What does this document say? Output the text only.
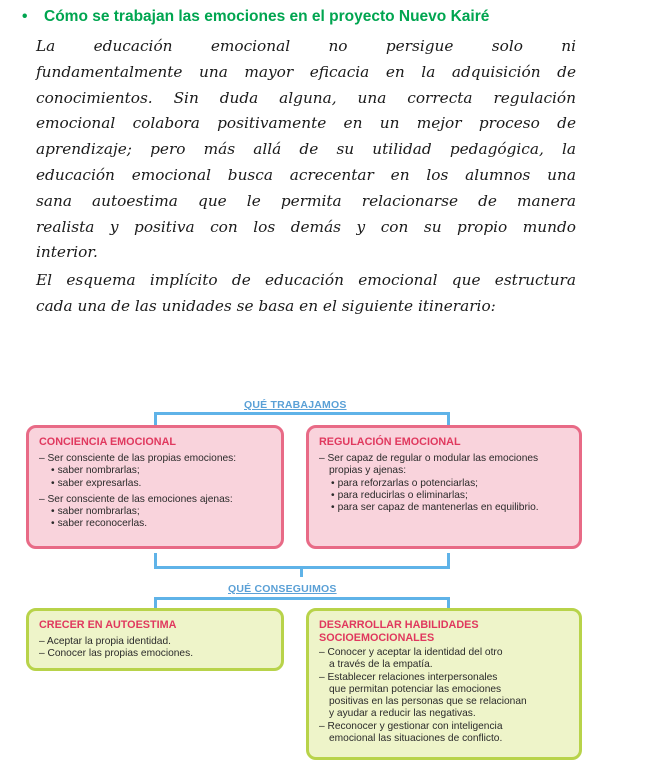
• Cómo se trabajan las emociones en el proyecto Nuevo Kairé
La educación emocional no persigue solo ni
fundamentalmente una mayor eficacia en la adquisición de
conocimientos. Sin duda alguna, una correcta regulación
emocional colabora positivamente en un mejor proceso de
aprendizaje; pero más allá de su utilidad pedagógica, la
educación emocional busca acrecentar en los alumnos una
sana autoestima que le permita relacionarse de manera
realista y positiva con los demás y con su propio mundo
interior.
El esquema implícito de educación emocional que estructura
cada una de las unidades se basa en el siguiente itinerario:
QUÉ TRABAJAMOS
QUÉ CONSEGUIMOS
CONCIENCIA EMOCIONAL
– Ser consciente de las propias emociones:
• saber nombrarlas;
• saber expresarlas.
– Ser consciente de las emociones ajenas:
• saber nombrarlas;
• saber reconocerlas.
REGULACIÓN EMOCIONAL
– Ser capaz de regular o modular las emociones
propias y ajenas:
• para reforzarlas o potenciarlas;
• para reducirlas o eliminarlas;
• para ser capaz de mantenerlas en equilibrio.
CRECER EN AUTOESTIMA
– Aceptar la propia identidad.
– Conocer las propias emociones.
DESARROLLAR HABILIDADES
SOCIOEMOCIONALES
– Conocer y aceptar la identidad del otro
a través de la empatía.
– Establecer relaciones interpersonales
que permitan potenciar las emociones
positivas en las personas que se relacionan
y ayudar a reducir las negativas.
– Reconocer y gestionar con inteligencia
emocional las situaciones de conflicto.
